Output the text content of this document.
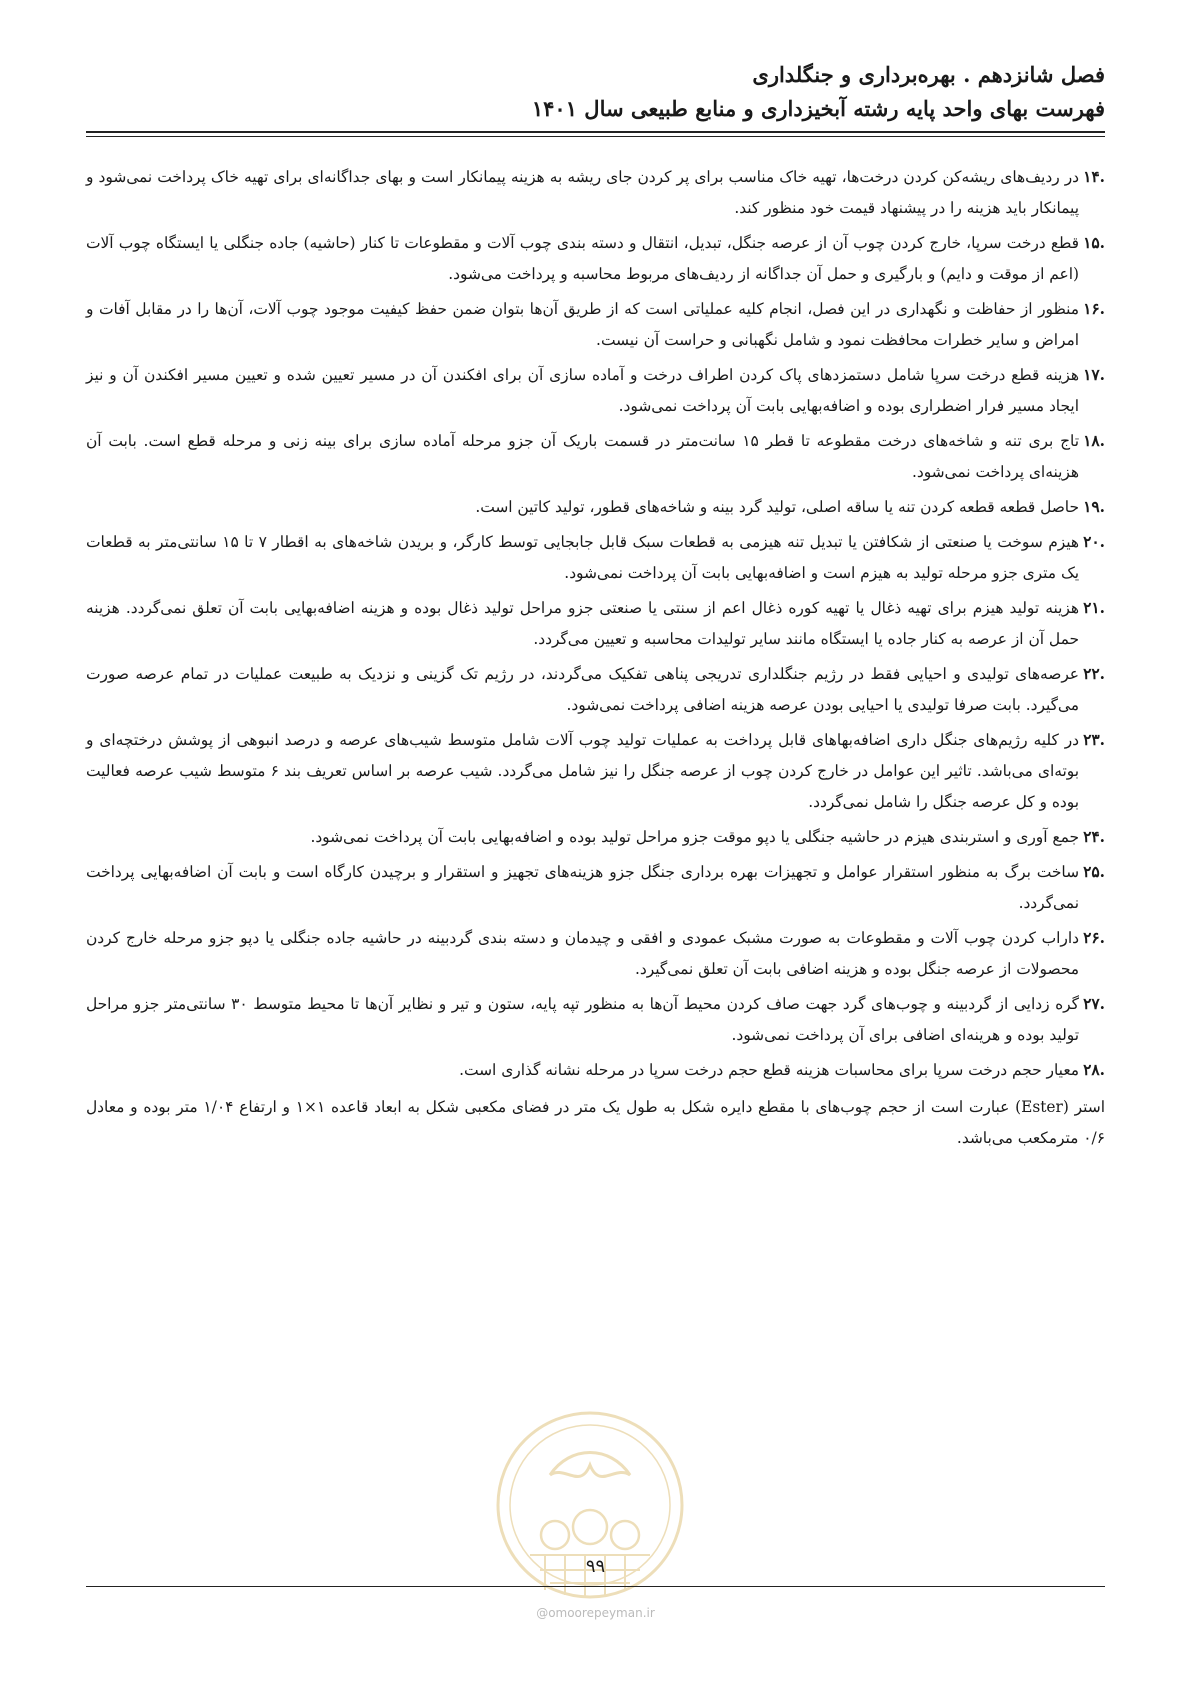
فصل شانزدهم . بهره‌برداری و جنگلداری

فهرست بهای واحد پایه رشته آبخیزداری و منابع طبیعی سال ۱۴۰۱

.۱۴
در ردیف‌های ریشه‌کن کردن درخت‌ها، تهیه خاک مناسب برای پر کردن جای ریشه به هزینه پیمانکار است و بهای جداگانه‌ای برای تهیه خاک پرداخت نمی‌شود و پیمانکار باید هزینه را در پیشنهاد قیمت خود منظور کند.
.۱۵
قطع درخت سرپا، خارج کردن چوب آن از عرصه جنگل، تبدیل، انتقال و دسته بندی چوب آلات و مقطوعات تا کنار (حاشیه) جاده جنگلی یا ایستگاه چوب آلات (اعم از موقت و دایم) و بارگیری و حمل آن جداگانه از ردیف‌های مربوط محاسبه و پرداخت می‌شود.
.۱۶
منظور از حفاظت و نگهداری در این فصل، انجام کلیه عملیاتی است که از طریق آن‌ها بتوان ضمن حفظ کیفیت موجود چوب آلات، آن‌ها را در مقابل آفات و امراض و سایر خطرات محافظت نمود و شامل نگهبانی و حراست آن نیست.
.۱۷
هزینه قطع درخت سرپا شامل دستمزدهای پاک کردن اطراف درخت و آماده سازی آن برای افکندن آن در مسیر تعیین شده و تعیین مسیر افکندن آن و نیز ایجاد مسیر فرار اضطراری بوده و اضافه‌بهایی بابت آن پرداخت نمی‌شود.
.۱۸
تاج بری تنه و شاخه‌های درخت مقطوعه تا قطر ۱۵ سانت‌متر در قسمت باریک آن جزو مرحله آماده سازی برای بینه زنی و مرحله قطع است. بابت آن هزینه‌ای پرداخت نمی‌شود.
.۱۹
حاصل قطعه قطعه کردن تنه یا ساقه اصلی، تولید گرد بینه و شاخه‌های قطور، تولید کاتین است.
.۲۰
هیزم سوخت یا صنعتی از شکافتن یا تبدیل تنه هیزمی به قطعات سبک قابل جابجایی توسط کارگر، و بریدن شاخه‌های به اقطار ۷ تا ۱۵ سانتی‌متر به قطعات یک متری جزو مرحله تولید به هیزم است و اضافه‌بهایی بابت آن پرداخت نمی‌شود.
.۲۱
هزینه تولید هیزم برای تهیه ذغال یا تهیه کوره ذغال اعم از سنتی یا صنعتی جزو مراحل تولید ذغال بوده و هزینه اضافه‌بهایی بابت آن تعلق نمی‌گردد. هزینه حمل آن از عرصه به کنار جاده یا ایستگاه مانند سایر تولیدات محاسبه و تعیین می‌گردد.
.۲۲
عرصه‌های تولیدی و احیایی فقط در رژیم جنگلداری تدریجی پناهی تفکیک می‌گردند، در رژیم تک گزینی و نزدیک به طبیعت عملیات در تمام عرصه صورت می‌گیرد. بابت صرفا تولیدی یا احیایی بودن عرصه هزینه اضافی پرداخت نمی‌شود.
.۲۳
در کلیه رژیم‌های جنگل داری اضافه‌بهاهای قابل پرداخت به عملیات تولید چوب آلات شامل متوسط شیب‌های عرصه و درصد انبوهی از پوشش درختچه‌ای و بوته‌ای می‌باشد. تاثیر این عوامل در خارج کردن چوب از عرصه جنگل را نیز شامل می‌گردد. شیب عرصه بر اساس تعریف بند ۶ متوسط شیب عرصه فعالیت بوده و کل عرصه جنگل را شامل نمی‌گردد.
.۲۴
جمع آوری و استربندی هیزم در حاشیه جنگلی یا دپو موقت جزو مراحل تولید بوده و اضافه‌بهایی بابت آن پرداخت نمی‌شود.
.۲۵
ساخت برگ به منظور استقرار عوامل و تجهیزات بهره برداری جنگل جزو هزینه‌های تجهیز و استقرار و برچیدن کارگاه است و بابت آن اضافه‌بهایی پرداخت نمی‌گردد.
.۲۶
داراب کردن چوب آلات و مقطوعات به صورت مشبک عمودی و افقی و چیدمان و دسته بندی گردبینه در حاشیه جاده جنگلی یا دپو جزو مرحله خارج کردن محصولات از عرصه جنگل بوده و هزینه اضافی بابت آن تعلق نمی‌گیرد.
.۲۷
گره زدایی از گردبینه و چوب‌های گرد جهت صاف کردن محیط آن‌ها به منظور تپه پایه، ستون و تیر و نظایر آن‌ها تا محیط متوسط ۳۰ سانتی‌متر جزو مراحل تولید بوده و هرینه‌ای اضافی برای آن پرداخت نمی‌شود.
.۲۸
معیار حجم درخت سرپا برای محاسبات هزینه قطع حجم درخت سرپا در مرحله نشانه گذاری است.

استر (Ester) عبارت است از حجم چوب‌های با مقطع دایره شکل به طول یک متر در فضای مکعبی شکل به ابعاد قاعده ۱×۱ و ارتفاع ۱/۰۴ متر بوده و معادل ۰/۶ مترمکعب می‌باشد.

۹۹
@omoorepeyman.ir
